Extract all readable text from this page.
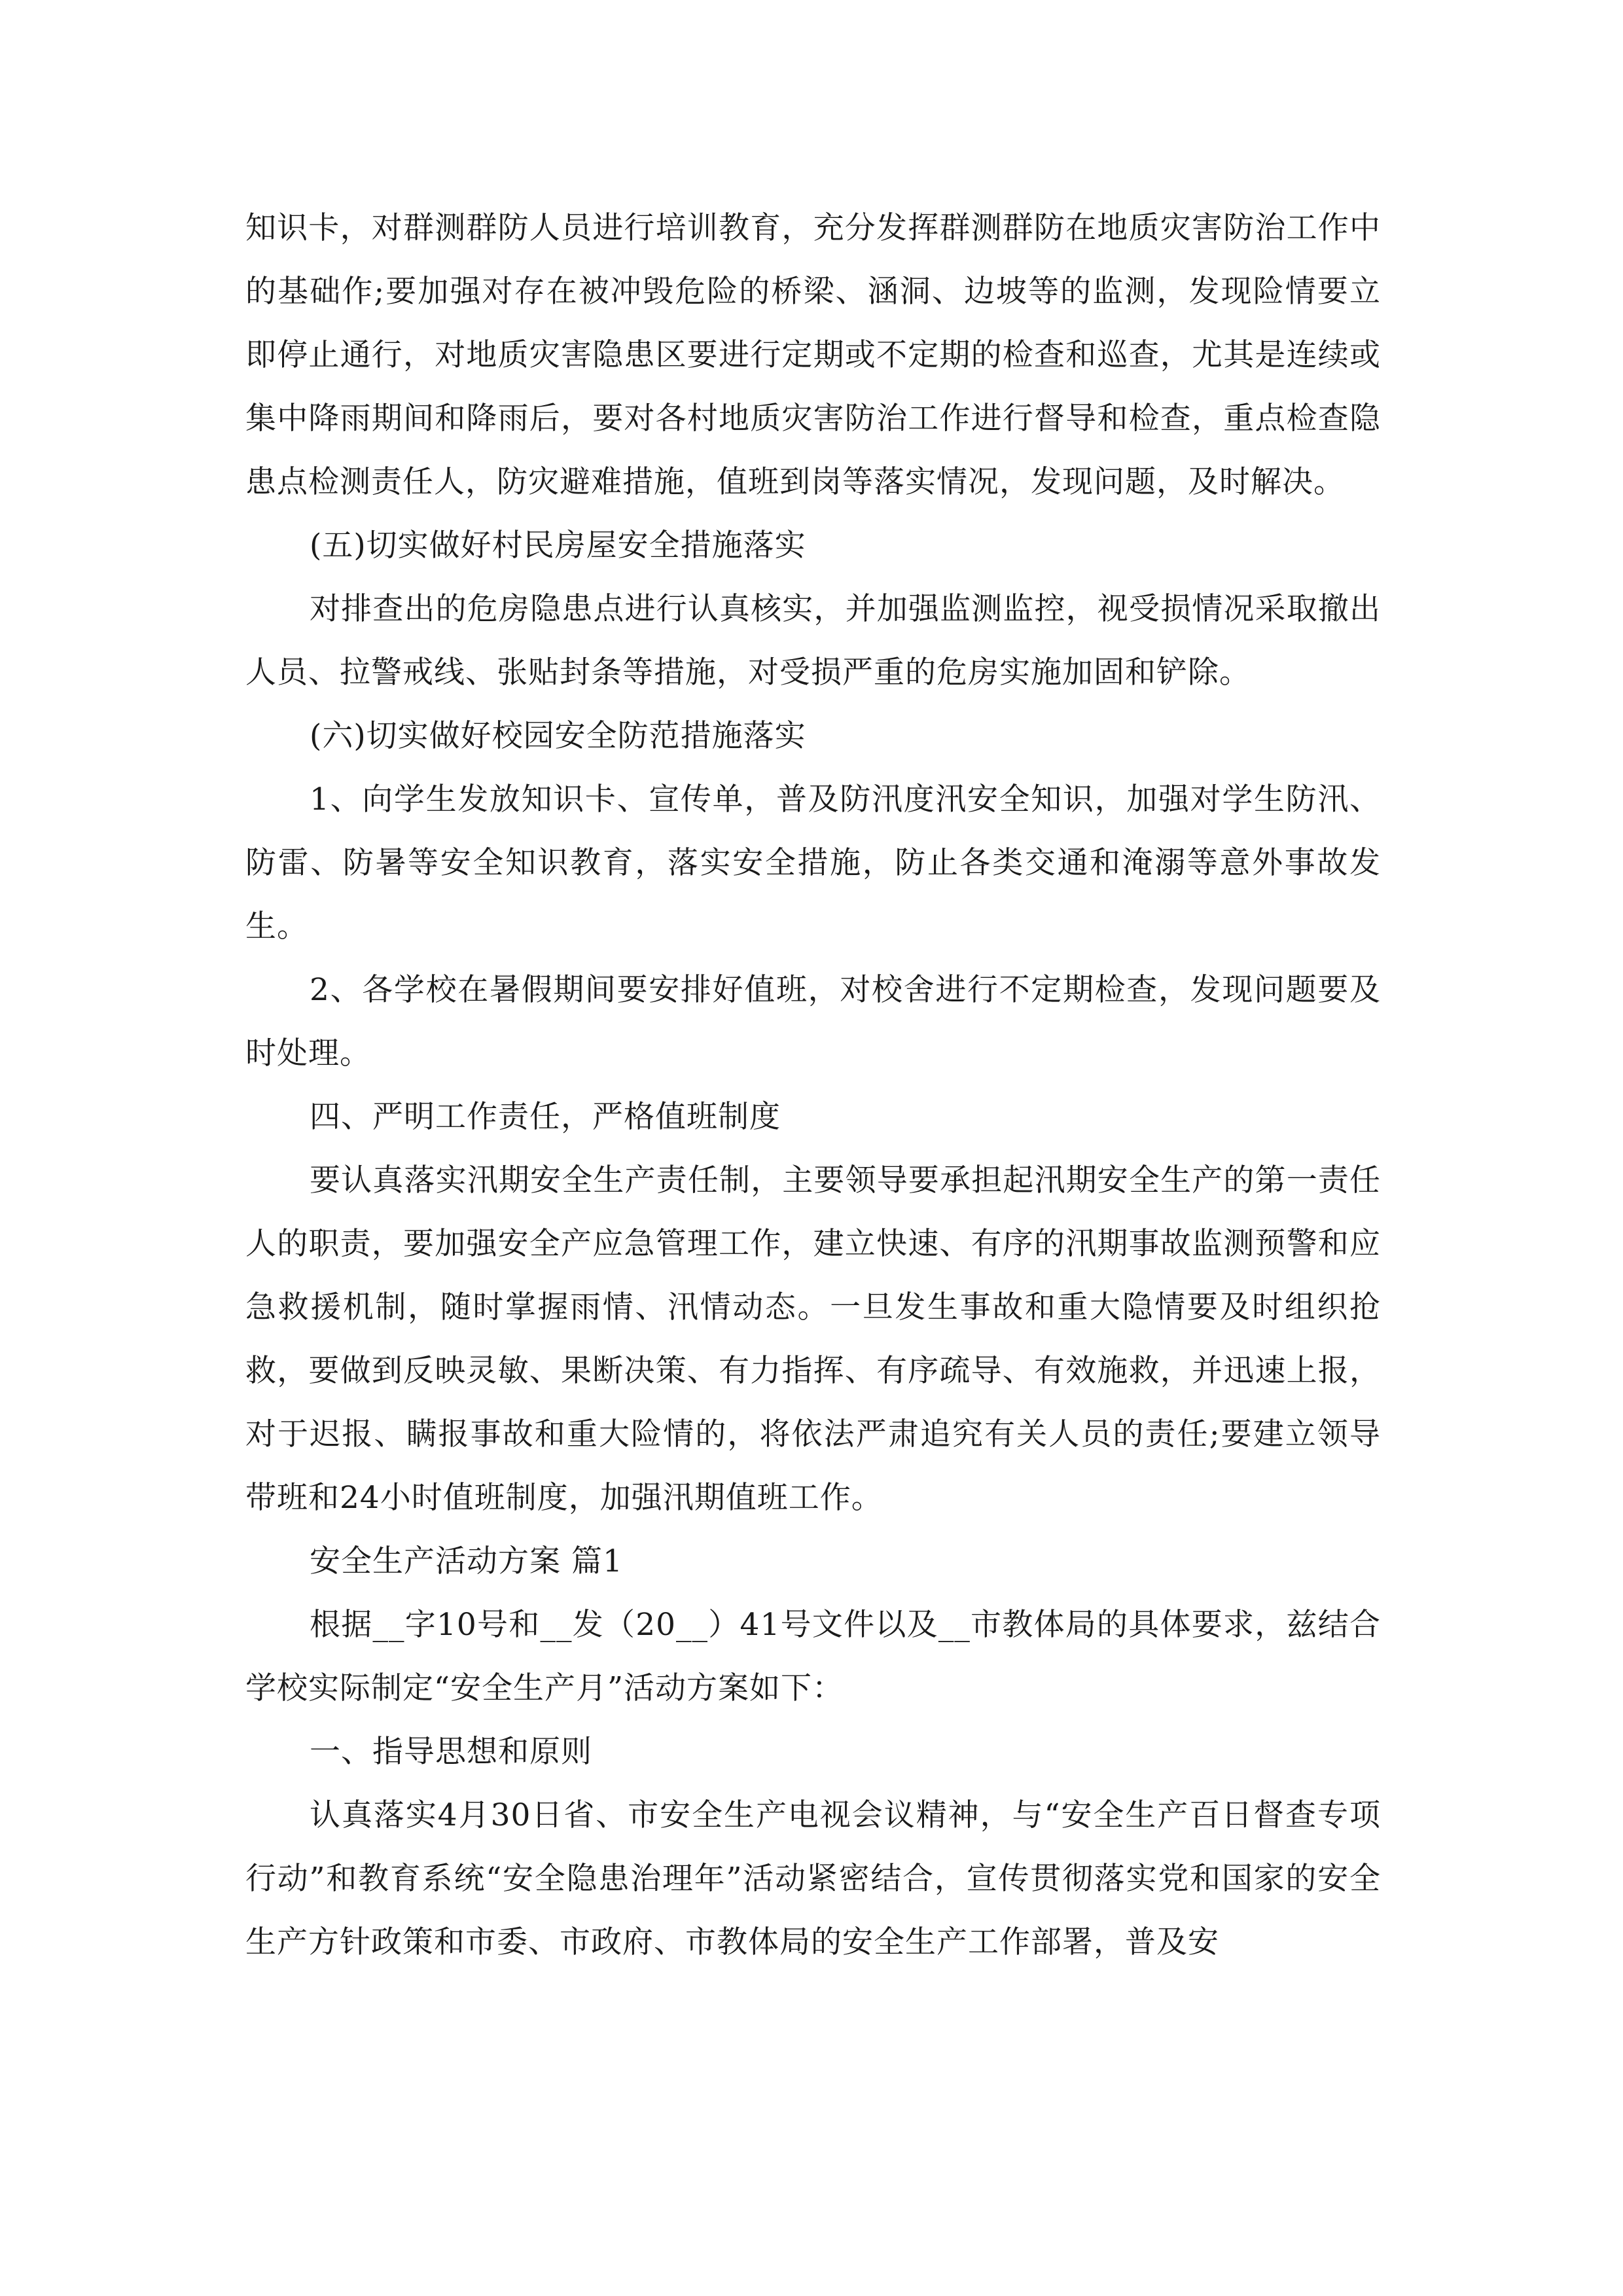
知识卡，对群测群防人员进行培训教育，充分发挥群测群防在地质灾害防治工作中的基础作;要加强对存在被冲毁危险的桥梁、涵洞、边坡等的监测，发现险情要立即停止通行，对地质灾害隐患区要进行定期或不定期的检查和巡查，尤其是连续或集中降雨期间和降雨后，要对各村地质灾害防治工作进行督导和检查，重点检查隐患点检测责任人，防灾避难措施，值班到岗等落实情况，发现问题，及时解决。

(五)切实做好村民房屋安全措施落实

对排查出的危房隐患点进行认真核实，并加强监测监控，视受损情况采取撤出人员、拉警戒线、张贴封条等措施，对受损严重的危房实施加固和铲除。

(六)切实做好校园安全防范措施落实

1、向学生发放知识卡、宣传单，普及防汛度汛安全知识，加强对学生防汛、防雷、防暑等安全知识教育，落实安全措施，防止各类交通和淹溺等意外事故发生。

2、各学校在暑假期间要安排好值班，对校舍进行不定期检查，发现问题要及时处理。

四、严明工作责任，严格值班制度

要认真落实汛期安全生产责任制，主要领导要承担起汛期安全生产的第一责任人的职责，要加强安全产应急管理工作，建立快速、有序的汛期事故监测预警和应急救援机制，随时掌握雨情、汛情动态。一旦发生事故和重大隐情要及时组织抢救，要做到反映灵敏、果断决策、有力指挥、有序疏导、有效施救，并迅速上报，对于迟报、瞒报事故和重大险情的，将依法严肃追究有关人员的责任;要建立领导带班和24小时值班制度，加强汛期值班工作。

安全生产活动方案 篇1

根据__字10号和__发（20__）41号文件以及__市教体局的具体要求，兹结合学校实际制定“安全生产月”活动方案如下：

一、指导思想和原则

认真落实4月30日省、市安全生产电视会议精神，与“安全生产百日督查专项行动”和教育系统“安全隐患治理年”活动紧密结合，宣传贯彻落实党和国家的安全生产方针政策和市委、市政府、市教体局的安全生产工作部署，普及安
